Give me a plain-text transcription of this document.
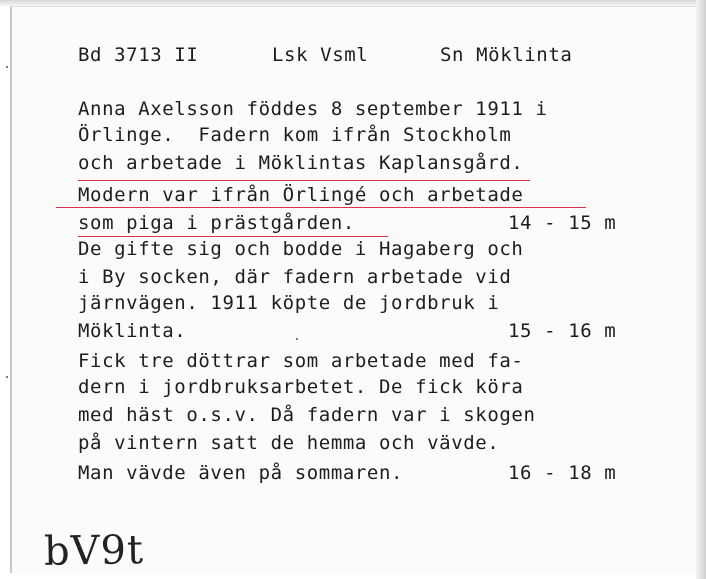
Bd 3713 II	Lsk Vsml	Sn Möklinta
Anna Axelsson föddes 8 september 1911 i
Örlinge.  Fadern kom ifrån Stockholm
och arbetade i Möklintas Kaplansgård.
Modern var ifrån Örlingé och arbetade
som piga i prästgården.
De gifte sig och bodde i Hagaberg och
i By socken, där fadern arbetade vid
järnvägen. 1911 köpte de jordbruk i
Möklinta.
Fick tre döttrar som arbetade med fa-
dern i jordbruksarbetet. De fick köra
med häst o.s.v. Då fadern var i skogen
på vintern satt de hemma och vävde.
Man vävde även på sommaren.
14 - 15 m
15 - 16 m
16 - 18 m
bV9t
